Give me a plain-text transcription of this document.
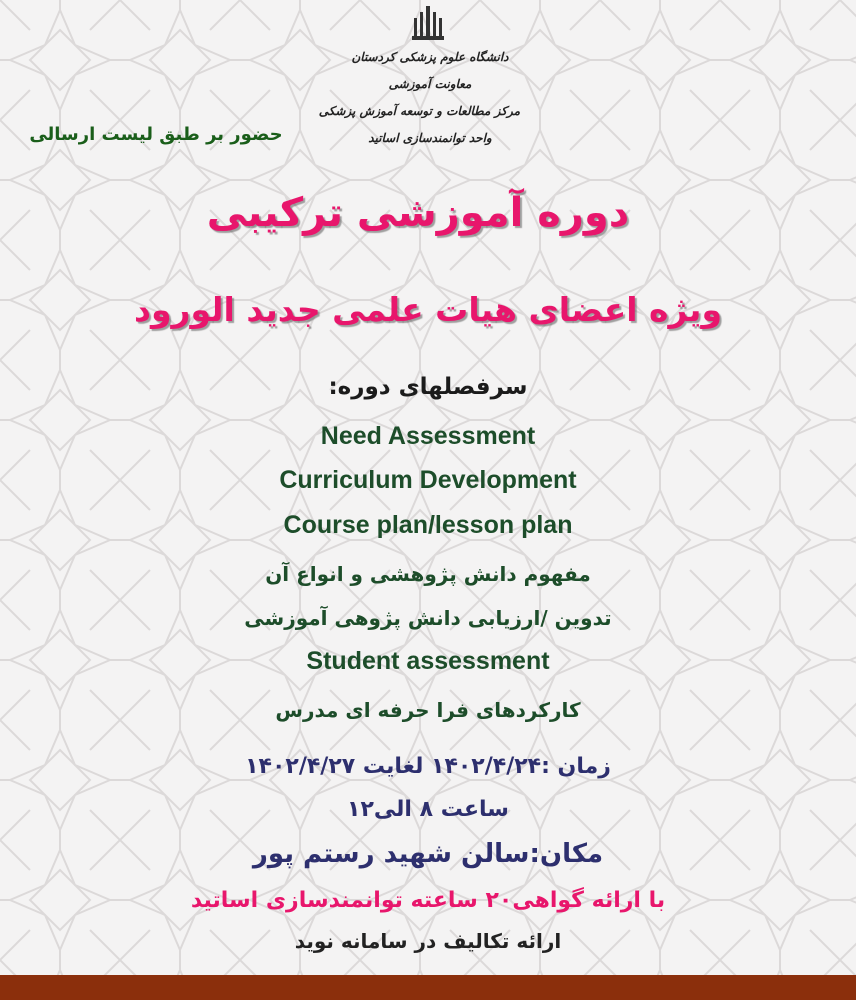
دانشگاه علوم پزشکی کردستان
معاونت آموزشی
مرکز مطالعات و توسعه آموزش پزشکی
واحد توانمندسازی اساتید
حضور بر طبق لیست ارسالی
دوره آموزشی ترکیبی
ویژه اعضای هیات علمی جدید الورود
سرفصلهای دوره:
Need Assessment
Curriculum Development
Course plan/lesson plan
مفهوم دانش پژوهشی و انواع آن
تدوین /ارزیابی دانش پژوهی آموزشی
Student assessment
کارکردهای فرا حرفه ای مدرس
زمان :۱۴۰۲/۴/۲۴ لغایت ۱۴۰۲/۴/۲۷
ساعت ۸ الی۱۲
مکان:سالن شهید رستم پور
با ارائه گواهی۲۰ ساعته توانمندسازی اساتید
ارائه تکالیف در سامانه نوید
